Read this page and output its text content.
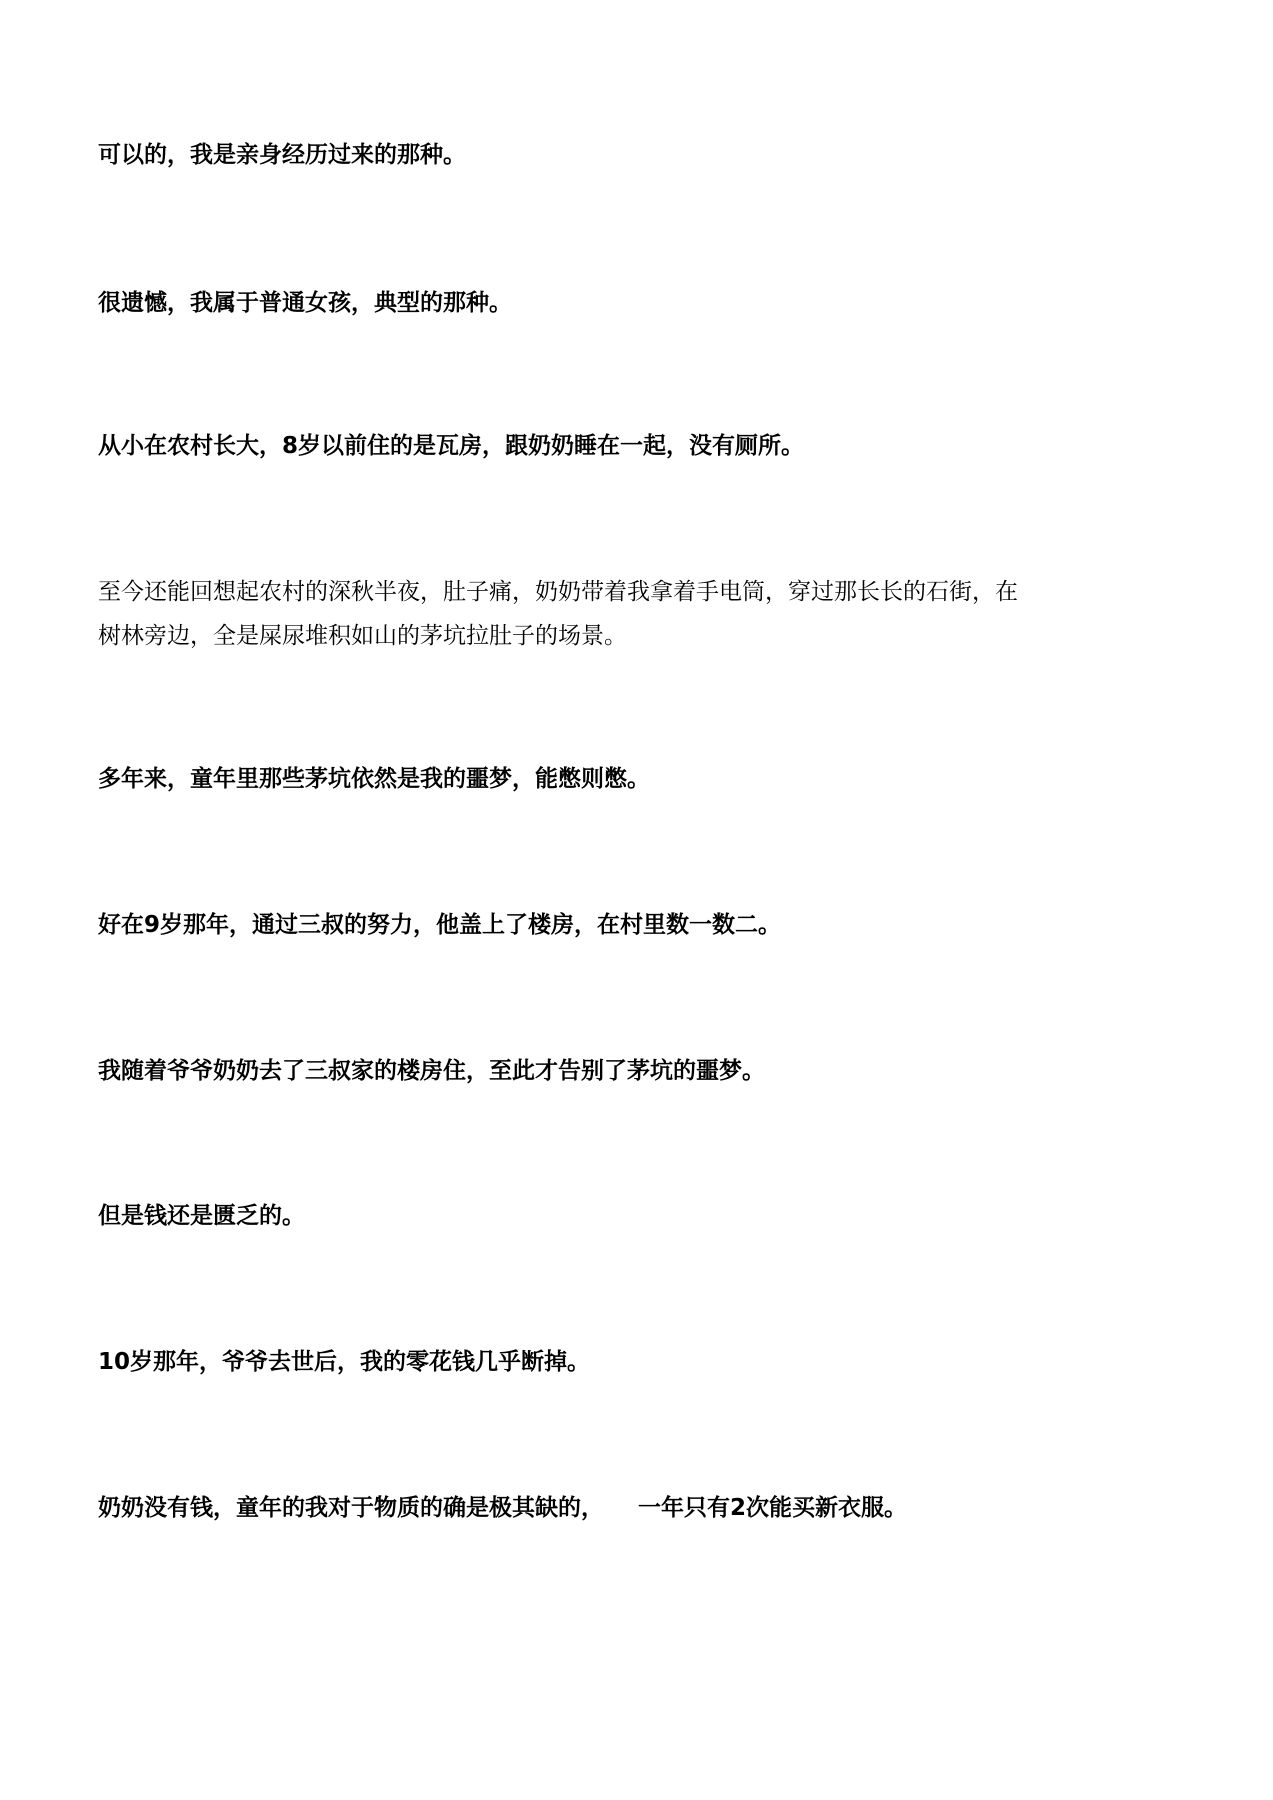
可以的，我是亲身经历过来的那种。

很遗憾，我属于普通女孩，典型的那种。

从小在农村长大，8岁以前住的是瓦房，跟奶奶睡在一起，没有厕所。

至今还能回想起农村的深秋半夜，肚子痛，奶奶带着我拿着手电筒，穿过那长长的石街，在
树林旁边，全是屎尿堆积如山的茅坑拉肚子的场景。

多年来，童年里那些茅坑依然是我的噩梦，能憋则憋。

好在9岁那年，通过三叔的努力，他盖上了楼房，在村里数一数二。

我随着爷爷奶奶去了三叔家的楼房住，至此才告别了茅坑的噩梦。

但是钱还是匮乏的。

10岁那年，爷爷去世后，我的零花钱几乎断掉。

奶奶没有钱，童年的我对于物质的确是极其缺的， 一年只有2次能买新衣服。
